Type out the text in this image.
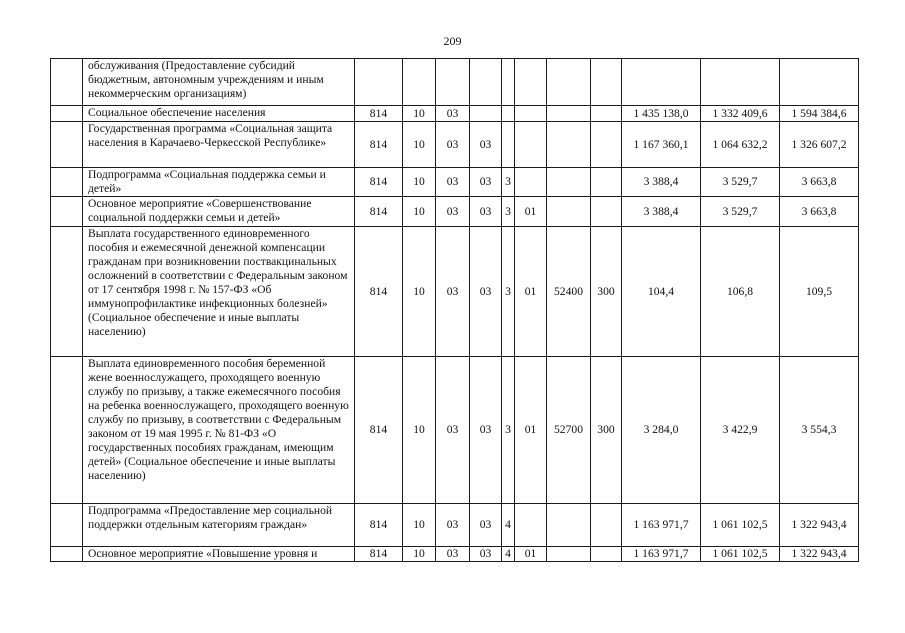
209
	обслуживания (Предоставление субсидий бюджетным, автономным учреждениям и иным некоммерческим организациям)											
	Социальное обеспечение населения	814	10	03						1 435 138,0	1 332 409,6	1 594 384,6
	Государственная программа «Социальная защита населения в Карачаево-Черкесской Республике»	814	10	03	03					1 167 360,1	1 064 632,2	1 326 607,2
	Подпрограмма «Социальная поддержка семьи и детей»	814	10	03	03	3				3 388,4	3 529,7	3 663,8
	Основное мероприятие «Совершенствование социальной поддержки семьи и детей»	814	10	03	03	3	01			3 388,4	3 529,7	3 663,8
	Выплата государственного единовременного пособия и ежемесячной денежной компенсации гражданам при возникновении поствакцинальных осложнений в соответствии с Федеральным законом от 17 сентября 1998 г. № 157-ФЗ «Об иммунопрофилактике инфекционных болезней» (Социальное обеспечение и иные выплаты населению)	814	10	03	03	3	01	52400	300	104,4	106,8	109,5
	Выплата единовременного пособия беременной жене военнослужащего, проходящего военную службу по призыву, а также ежемесячного пособия на ребенка военнослужащего, проходящего военную службу по призыву, в соответствии с Федеральным законом от 19 мая 1995 г. № 81-ФЗ «О государственных пособиях гражданам, имеющим детей» (Социальное обеспечение и иные выплаты населению)	814	10	03	03	3	01	52700	300	3 284,0	3 422,9	3 554,3
	Подпрограмма «Предоставление мер социальной поддержки отдельным категориям граждан»	814	10	03	03	4				1 163 971,7	1 061 102,5	1 322 943,4
	Основное мероприятие «Повышение уровня и	814	10	03	03	4	01			1 163 971,7	1 061 102,5	1 322 943,4
